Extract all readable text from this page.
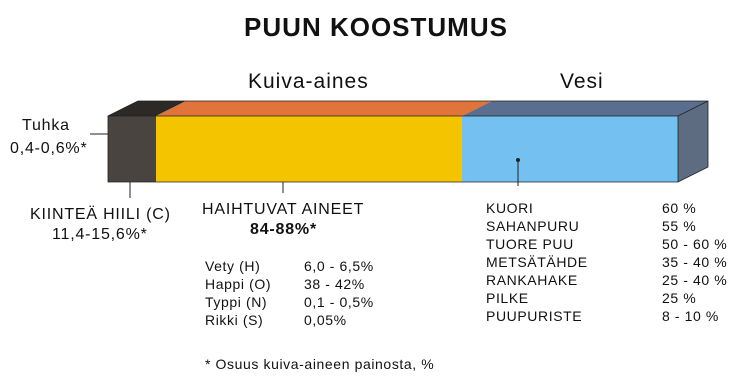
PUUN KOOSTUMUS
Kuiva-aines	Vesi
Tuhka
0,4-0,6%*
KIINTEÄ HIILI (C)
11,4-15,6%*
HAIHTUVAT AINEET
84-88%*
Vety (H)	6,0 - 6,5%
Happi (O) 38 - 42%
Typpi (N)	0,1 - 0,5%
Rikki (S)	0,05%
KUORI	60 %
SAHANPURU	55 %
TUORE PUU	50 - 60 %
METSÄTÄHDE	35 - 40 %
RANKAHAKE	25 - 40 %
PILKE	25 %
PUUPURISTE	8 - 10 %
* Osuus kuiva-aineen painosta, %
